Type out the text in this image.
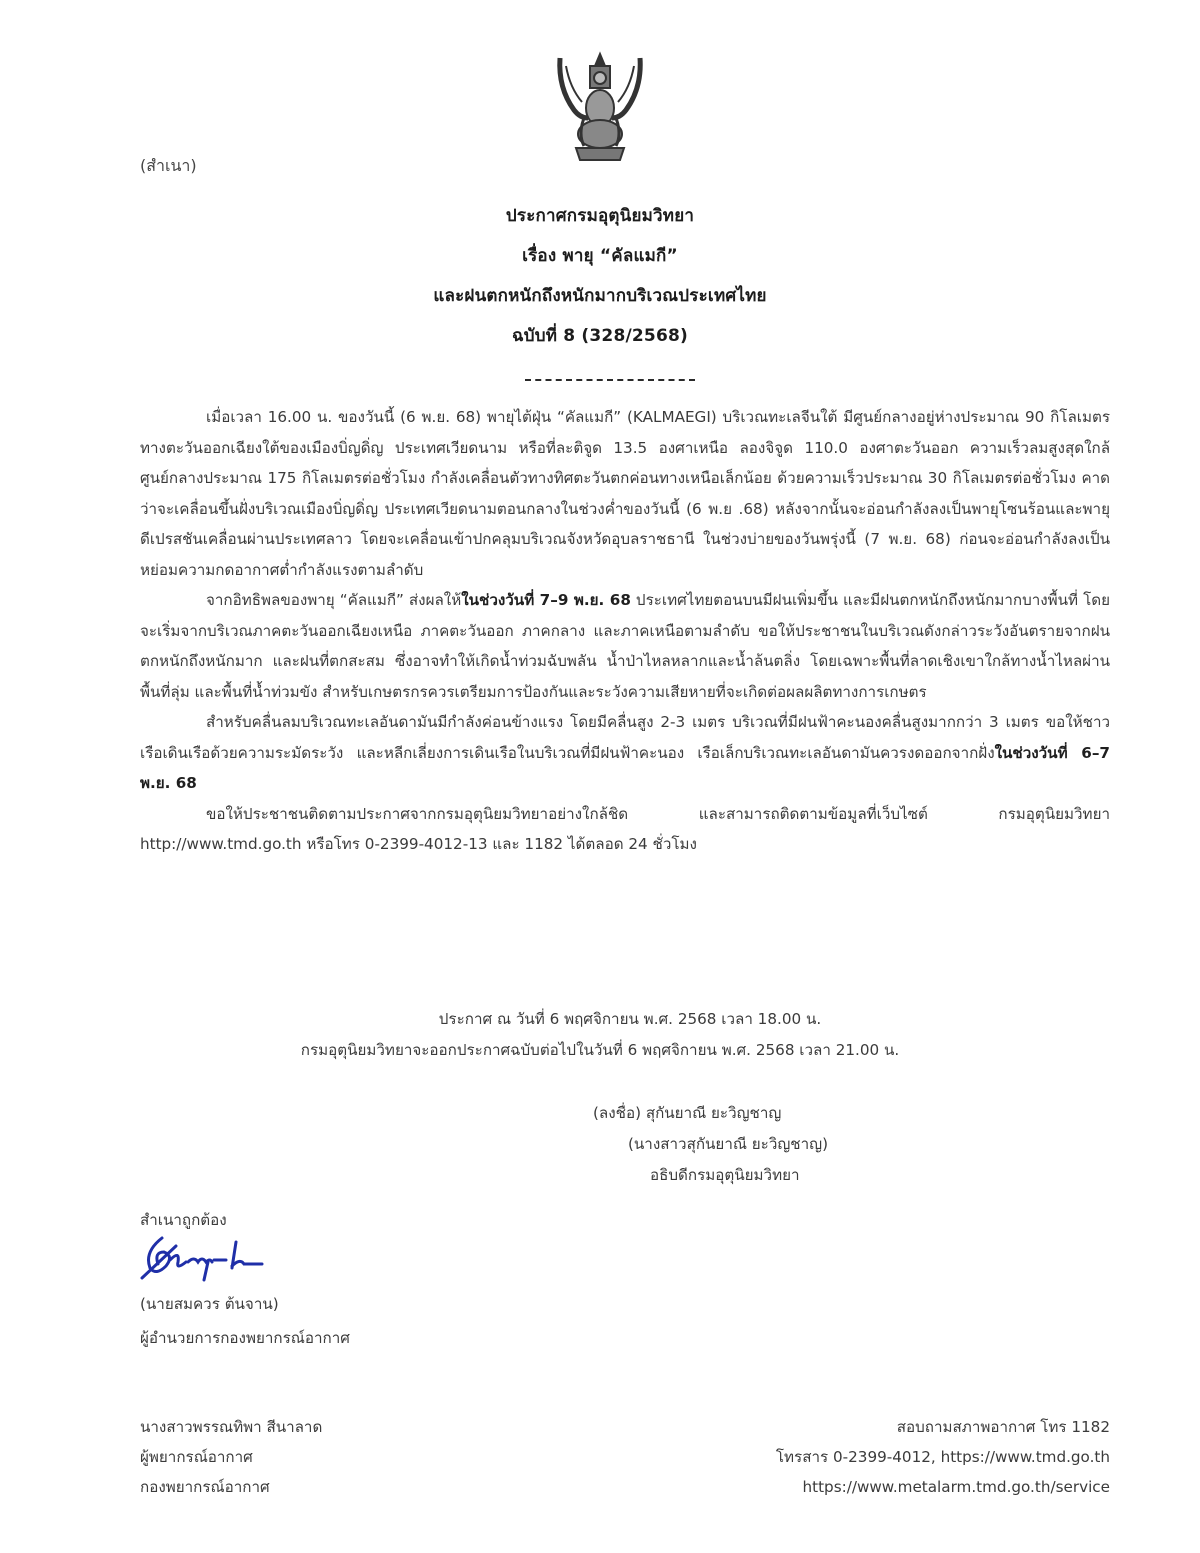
(สำเนา)
ประกาศกรมอุตุนิยมวิทยา
เรื่อง พายุ “คัลแมกี”
และฝนตกหนักถึงหนักมากบริเวณประเทศไทย
ฉบับที่ 8 (328/2568)

เมื่อเวลา 16.00 น. ของวันนี้ (6 พ.ย. 68) พายุไต้ฝุ่น “คัลแมกี” (KALMAEGI) บริเวณทะเลจีนใต้ มีศูนย์กลางอยู่ห่างประมาณ 90 กิโลเมตร ทางตะวันออกเฉียงใต้ของเมืองบิ่ญดิ่ญ ประเทศเวียดนาม หรือที่ละติจูด 13.5 องศาเหนือ ลองจิจูด 110.0 องศาตะวันออก ความเร็วลมสูงสุดใกล้ศูนย์กลางประมาณ 175 กิโลเมตรต่อชั่วโมง กำลังเคลื่อนตัวทางทิศตะวันตกค่อนทางเหนือเล็กน้อย ด้วยความเร็วประมาณ 30 กิโลเมตรต่อชั่วโมง คาดว่าจะเคลื่อนขึ้นฝั่งบริเวณเมืองบิ่ญดิ่ญ ประเทศเวียดนามตอนกลางในช่วงค่ำของวันนี้ (6 พ.ย .68) หลังจากนั้นจะอ่อนกำลังลงเป็นพายุโซนร้อนและพายุดีเปรสชันเคลื่อนผ่านประเทศลาว โดยจะเคลื่อนเข้าปกคลุมบริเวณจังหวัดอุบลราชธานี ในช่วงบ่ายของวันพรุ่งนี้ (7 พ.ย. 68) ก่อนจะอ่อนกำลังลงเป็นหย่อมความกดอากาศต่ำกำลังแรงตามลำดับ

จากอิทธิพลของพายุ “คัลแมกี” ส่งผลให้ในช่วงวันที่ 7–9 พ.ย. 68 ประเทศไทยตอนบนมีฝนเพิ่มขึ้น และมีฝนตกหนักถึงหนักมากบางพื้นที่ โดยจะเริ่มจากบริเวณภาคตะวันออกเฉียงเหนือ ภาคตะวันออก ภาคกลาง และภาคเหนือตามลำดับ ขอให้ประชาชนในบริเวณดังกล่าวระวังอันตรายจากฝนตกหนักถึงหนักมาก และฝนที่ตกสะสม ซึ่งอาจทำให้เกิดน้ำท่วมฉับพลัน น้ำป่าไหลหลากและน้ำล้นตลิ่ง โดยเฉพาะพื้นที่ลาดเชิงเขาใกล้ทางน้ำไหลผ่าน พื้นที่ลุ่ม และพื้นที่น้ำท่วมขัง สำหรับเกษตรกรควรเตรียมการป้องกันและระวังความเสียหายที่จะเกิดต่อผลผลิตทางการเกษตร

สำหรับคลื่นลมบริเวณทะเลอันดามันมีกำลังค่อนข้างแรง โดยมีคลื่นสูง 2-3 เมตร บริเวณที่มีฝนฟ้าคะนองคลื่นสูงมากกว่า 3 เมตร ขอให้ชาวเรือเดินเรือด้วยความระมัดระวัง และหลีกเลี่ยงการเดินเรือในบริเวณที่มีฝนฟ้าคะนอง เรือเล็กบริเวณทะเลอันดามันควรงดออกจากฝั่งในช่วงวันที่ 6–7 พ.ย. 68

ขอให้ประชาชนติดตามประกาศจากกรมอุตุนิยมวิทยาอย่างใกล้ชิด และสามารถติดตามข้อมูลที่เว็บไซต์ กรมอุตุนิยมวิทยา http://www.tmd.go.th หรือโทร 0-2399-4012-13 และ 1182 ได้ตลอด 24 ชั่วโมง

ประกาศ ณ วันที่ 6 พฤศจิกายน พ.ศ. 2568 เวลา 18.00 น.
กรมอุตุนิยมวิทยาจะออกประกาศฉบับต่อไปในวันที่ 6 พฤศจิกายน พ.ศ. 2568 เวลา 21.00 น.
(ลงชื่อ) สุกันยาณี ยะวิญชาญ
(นางสาวสุกันยาณี ยะวิญชาญ)
อธิบดีกรมอุตุนิยมวิทยา
สำเนาถูกต้อง
(นายสมควร ต้นจาน)
ผู้อำนวยการกองพยากรณ์อากาศ
นางสาวพรรณทิพา สีนาลาด
ผู้พยากรณ์อากาศ
กองพยากรณ์อากาศ
สอบถามสภาพอากาศ โทร 1182
โทรสาร 0-2399-4012, https://www.tmd.go.th
https://www.metalarm.tmd.go.th/service
